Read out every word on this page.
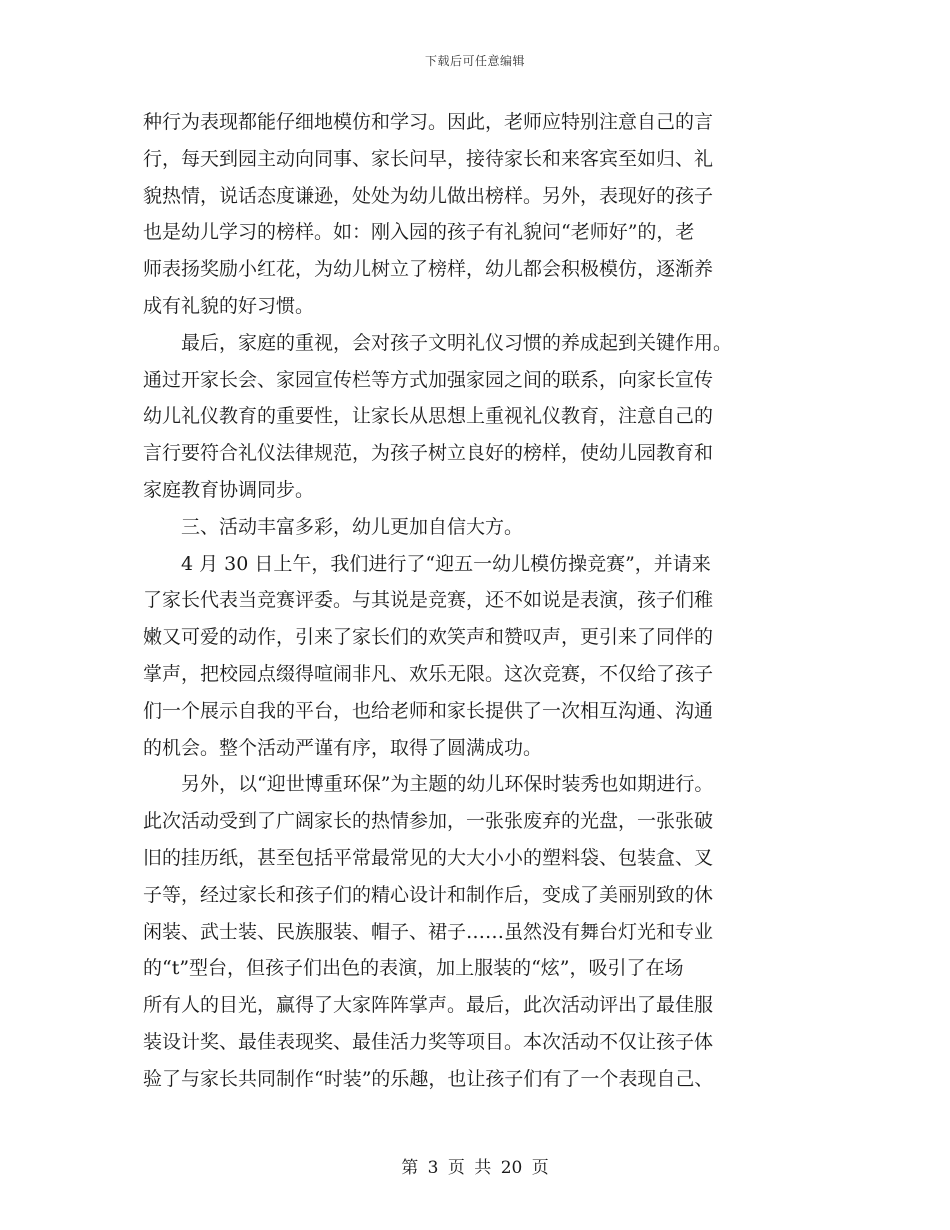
下载后可任意编辑
种行为表现都能仔细地模仿和学习。因此，老师应特别注意自己的言
行，每天到园主动向同事、家长问早，接待家长和来客宾至如归、礼
貌热情，说话态度谦逊，处处为幼儿做出榜样。另外，表现好的孩子
也是幼儿学习的榜样。如：刚入园的孩子有礼貌问“老师好”的，老
师表扬奖励小红花，为幼儿树立了榜样，幼儿都会积极模仿，逐渐养
成有礼貌的好习惯。
　　最后，家庭的重视，会对孩子文明礼仪习惯的养成起到关键作用。
通过开家长会、家园宣传栏等方式加强家园之间的联系，向家长宣传
幼儿礼仪教育的重要性，让家长从思想上重视礼仪教育，注意自己的
言行要符合礼仪法律规范，为孩子树立良好的榜样，使幼儿园教育和
家庭教育协调同步。
　　三、活动丰富多彩，幼儿更加自信大方。
　　4 月 30 日上午，我们进行了“迎五一幼儿模仿操竞赛”，并请来
了家长代表当竞赛评委。与其说是竞赛，还不如说是表演，孩子们稚
嫩又可爱的动作，引来了家长们的欢笑声和赞叹声，更引来了同伴的
掌声，把校园点缀得喧闹非凡、欢乐无限。这次竞赛，不仅给了孩子
们一个展示自我的平台，也给老师和家长提供了一次相互沟通、沟通
的机会。整个活动严谨有序，取得了圆满成功。
　　另外，以“迎世博重环保”为主题的幼儿环保时装秀也如期进行。
此次活动受到了广阔家长的热情参加，一张张废弃的光盘，一张张破
旧的挂历纸，甚至包括平常最常见的大大小小的塑料袋、包装盒、叉
子等，经过家长和孩子们的精心设计和制作后，变成了美丽别致的休
闲装、武士装、民族服装、帽子、裙子……虽然没有舞台灯光和专业
的“t”型台，但孩子们出色的表演，加上服装的“炫”，吸引了在场
所有人的目光，赢得了大家阵阵掌声。最后，此次活动评出了最佳服
装设计奖、最佳表现奖、最佳活力奖等项目。本次活动不仅让孩子体
验了与家长共同制作“时装”的乐趣，也让孩子们有了一个表现自己、
第 3 页 共 20 页
